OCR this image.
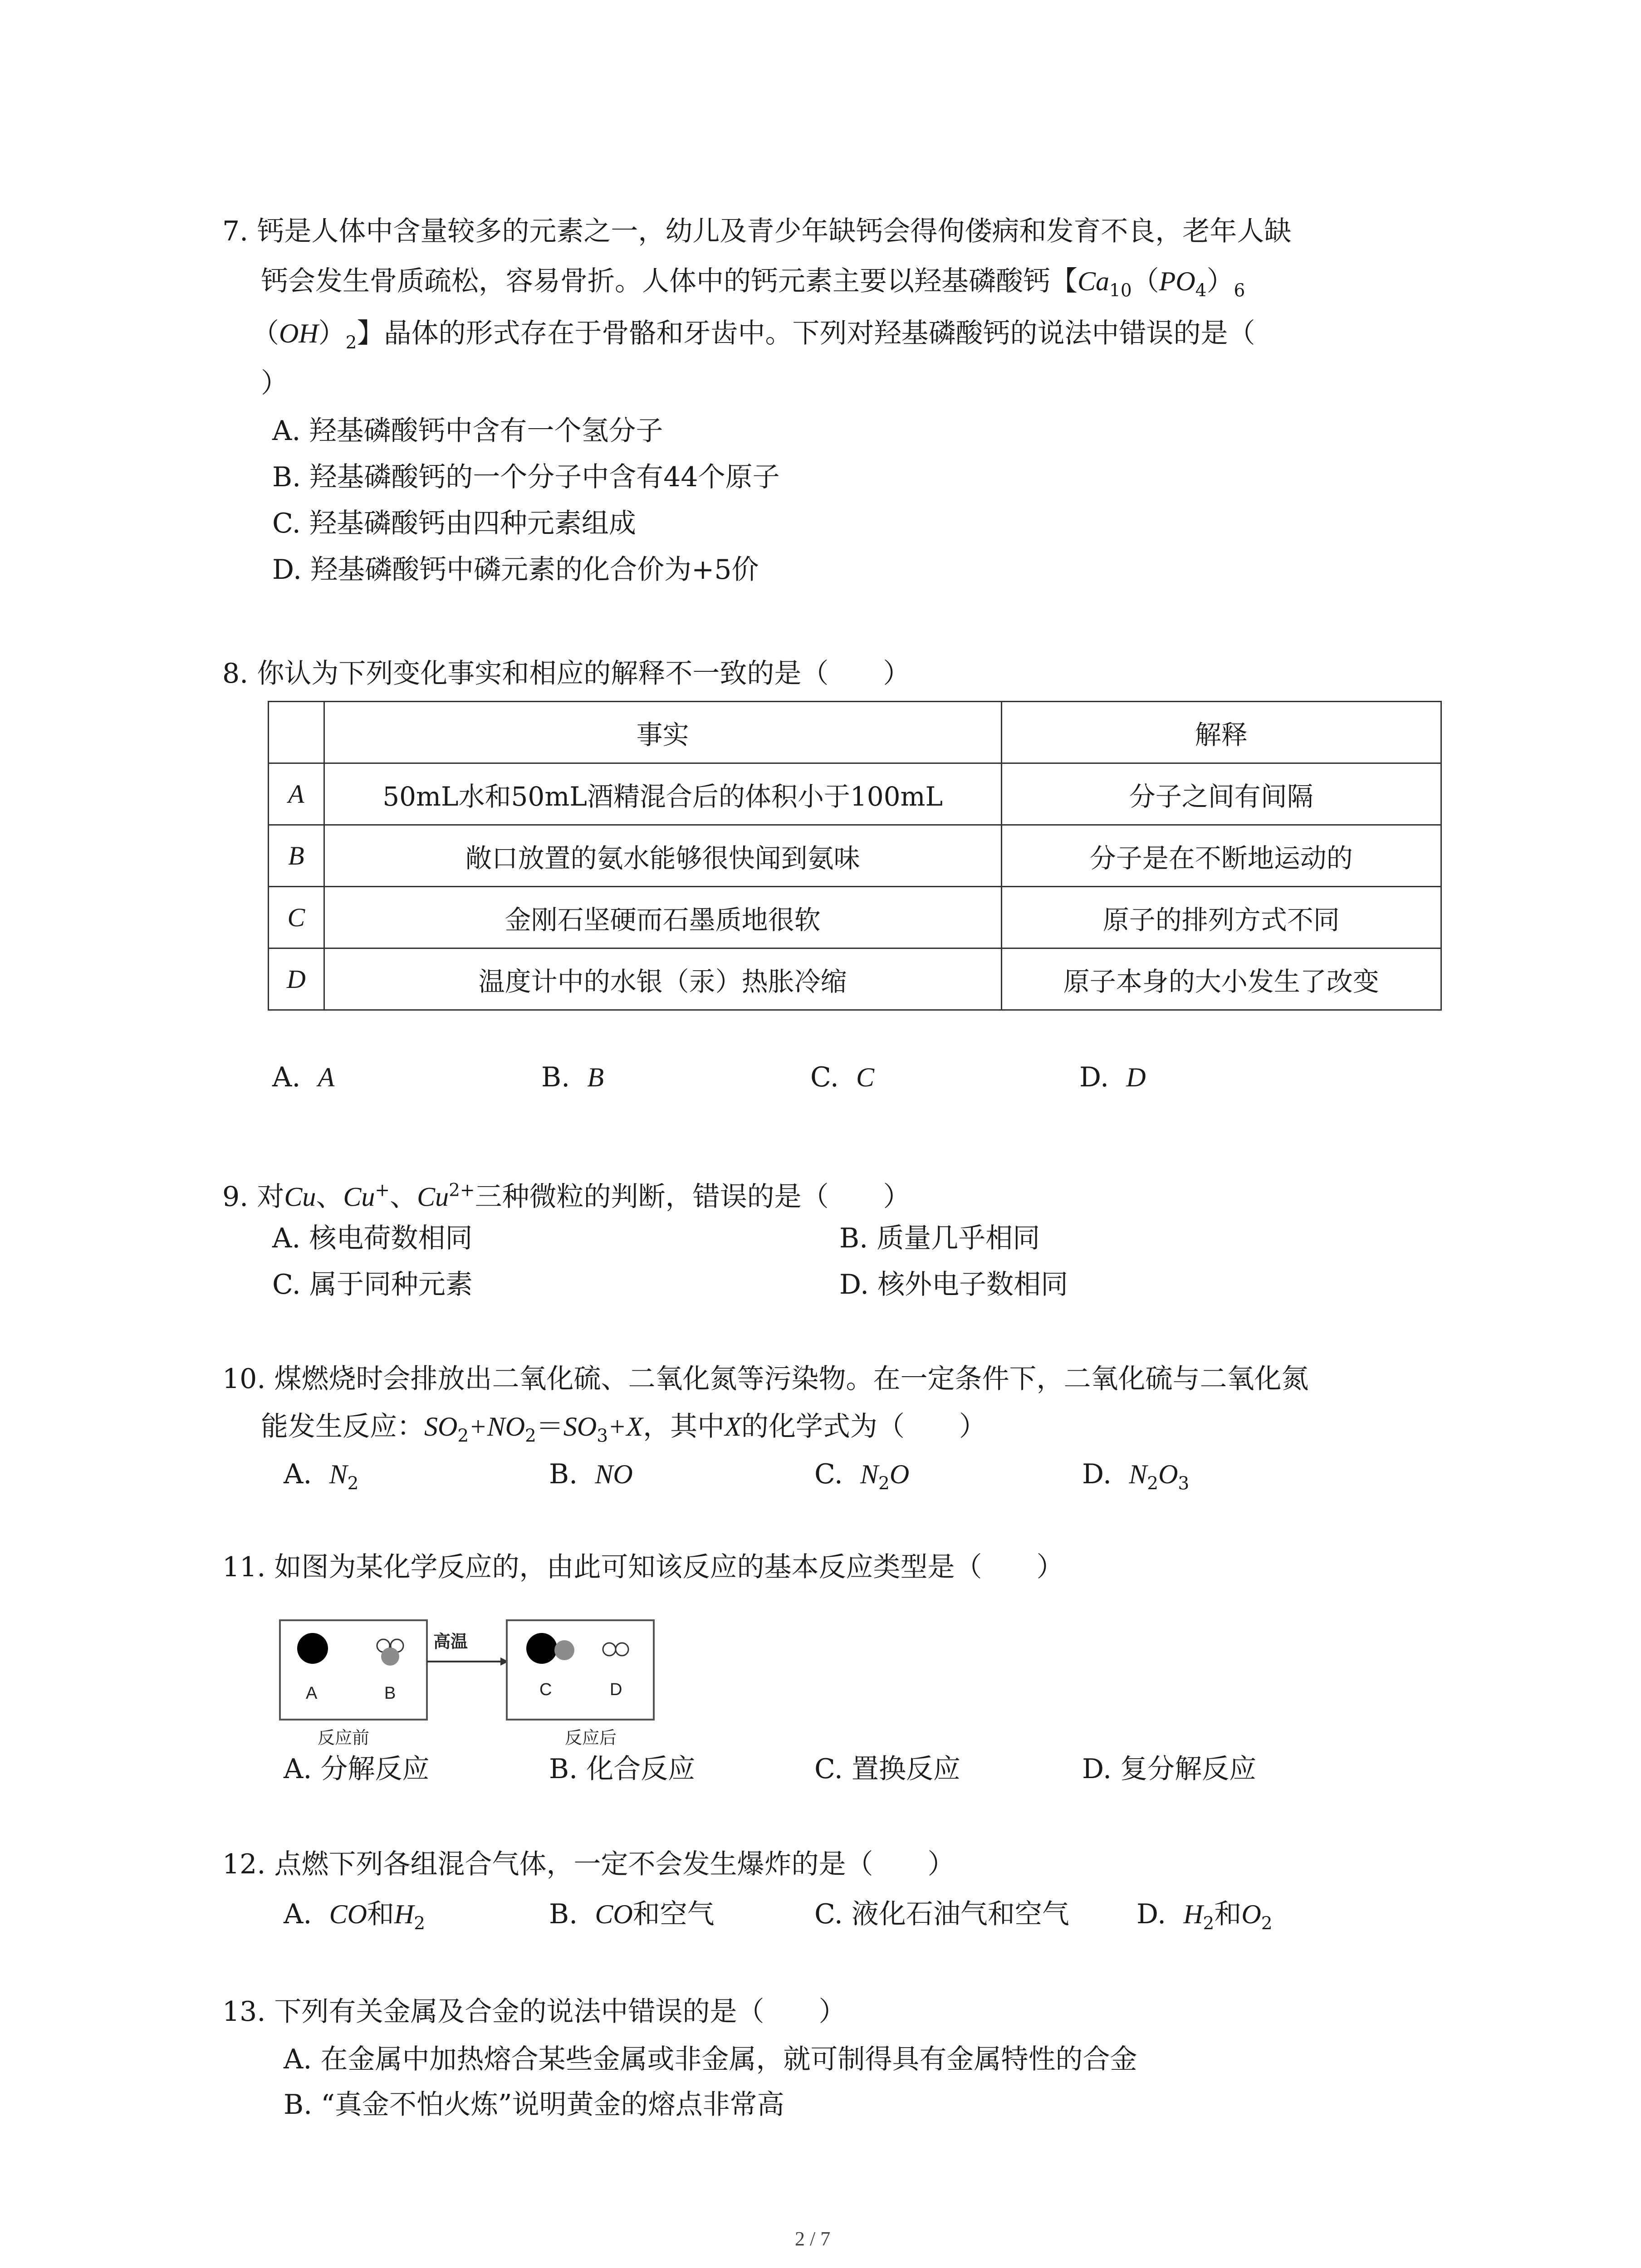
7. 钙是人体中含量较多的元素之一，幼儿及青少年缺钙会得佝偻病和发育不良，老年人缺
钙会发生骨质疏松，容易骨折。人体中的钙元素主要以羟基磷酸钙【$Ca_{10}(PO_4)_6$
$(OH)_2$】晶体的形式存在于骨骼和牙齿中。下列对羟基磷酸钙的说法中错误的是（
）
A. 羟基磷酸钙中含有一个氢分子
B. 羟基磷酸钙的一个分子中含有44个原子
C. 羟基磷酸钙由四种元素组成
D. 羟基磷酸钙中磷元素的化合价为+5价
8. 你认为下列变化事实和相应的解释不一致的是（　　）
	事实	解释
A	50mL水和50mL酒精混合后的体积小于100mL	分子之间有间隔
B	敞口放置的氨水能够很快闻到氨味	分子是在不断地运动的
C	金刚石坚硬而石墨质地很软	原子的排列方式不同
D	温度计中的水银（汞）热胀冷缩	原子本身的大小发生了改变
A. A	B. B	C. C	D. D
9. 对Cu、Cu+、$Cu^{2+}$三种微粒的判断，错误的是（　　）
A. 核电荷数相同	B. 质量几乎相同
C. 属于同种元素	D. 核外电子数相同
10. 煤燃烧时会排放出二氧化硫、二氧化氮等污染物。在一定条件下，二氧化硫与二氧化氮
能发生反应：$SO_2+NO_2=SO_3+X$，其中X的化学式为（　　）
A. $N_2$	B. NO	C. $N_2O$	D. $N_2O_3$
11. 如图为某化学反应的，由此可知该反应的基本反应类型是（　　）
A	B
高温
C	D
反应前	反应后
A. 分解反应	B. 化合反应	C. 置换反应	D. 复分解反应
12. 点燃下列各组混合气体，一定不会发生爆炸的是（　　）
A. CO和$H_2$	B. CO和空气	C. 液化石油气和空气 D. $H_2$和$O_2$
13. 下列有关金属及合金的说法中错误的是（　　）
A. 在金属中加热熔合某些金属或非金属，就可制得具有金属特性的合金
B. “真金不怕火炼”说明黄金的熔点非常高
2 / 7
